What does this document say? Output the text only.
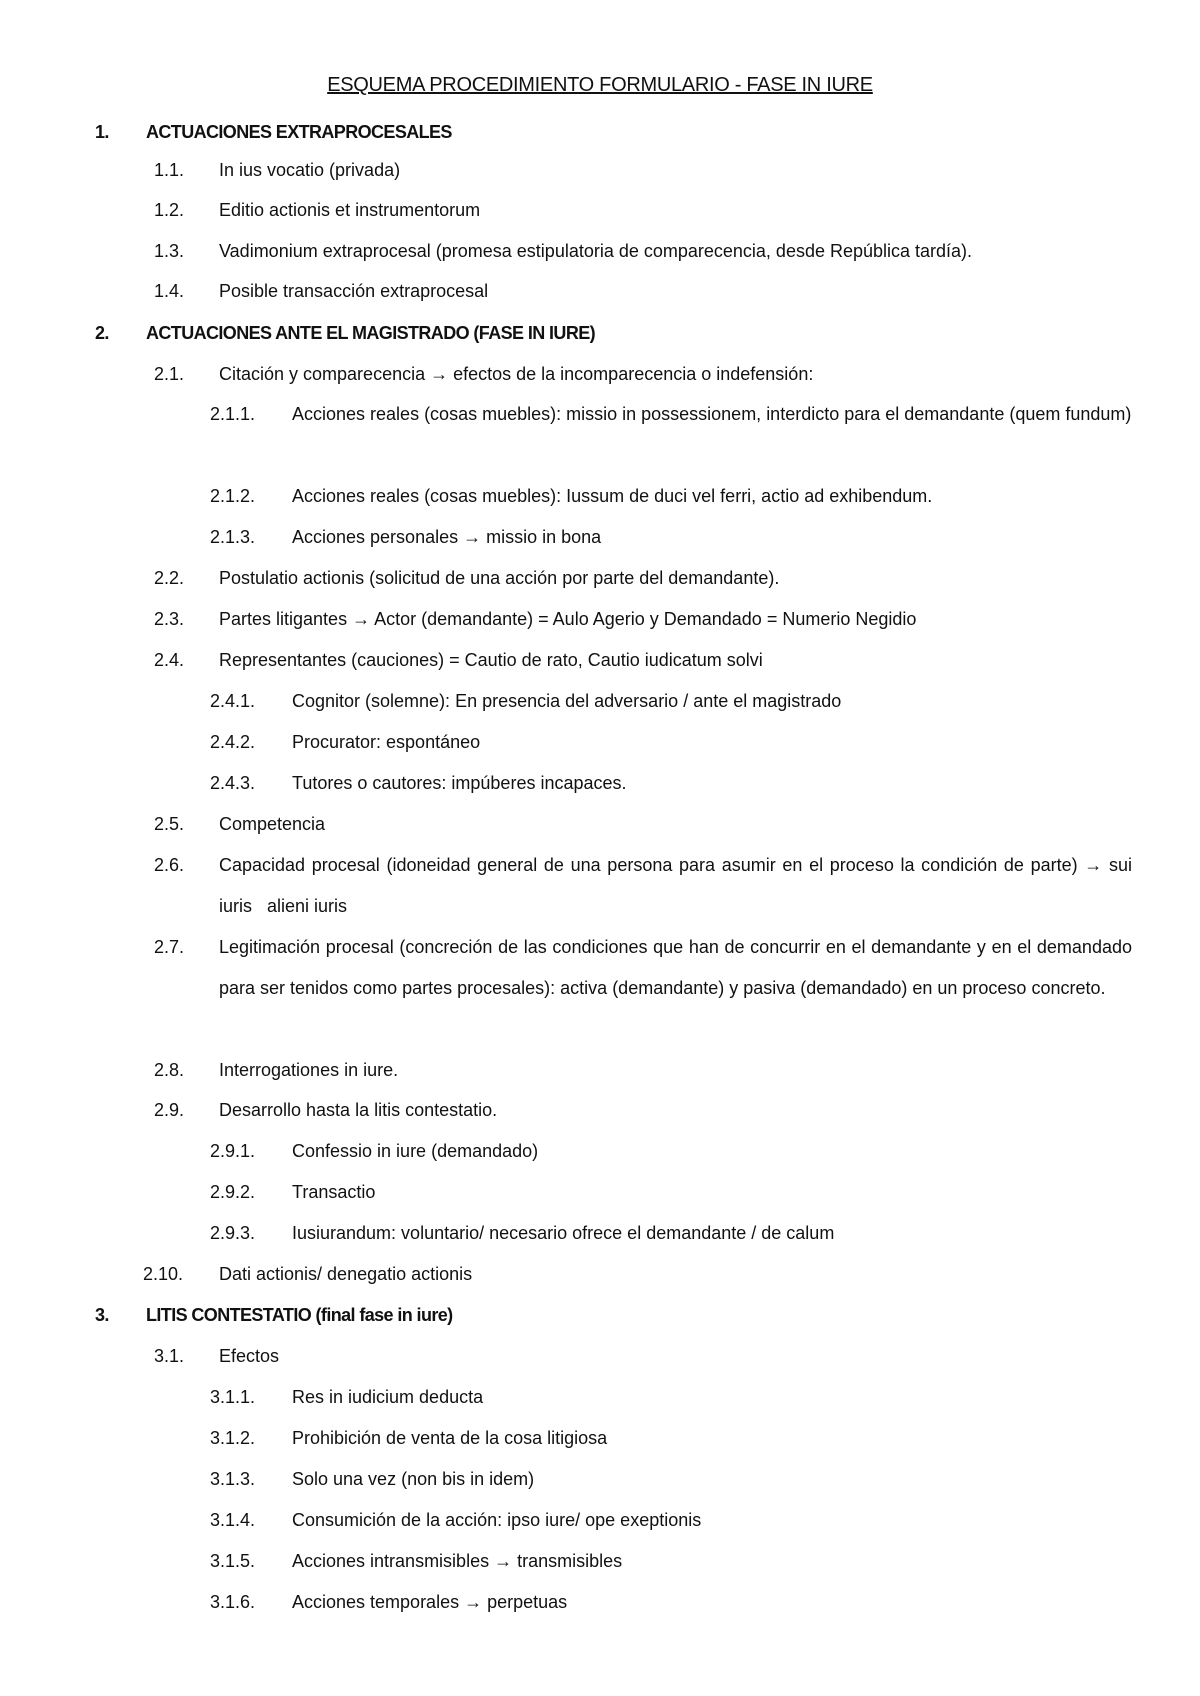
ESQUEMA PROCEDIMIENTO FORMULARIO - FASE IN IURE
1. ACTUACIONES EXTRAPROCESALES
1.1. In ius vocatio (privada)
1.2. Editio actionis et instrumentorum
1.3. Vadimonium extraprocesal (promesa estipulatoria de comparecencia, desde República tardía).
1.4. Posible transacción extraprocesal
2. ACTUACIONES ANTE EL MAGISTRADO (FASE IN IURE)
2.1. Citación y comparecencia → efectos de la incomparecencia o indefensión:
2.1.1. Acciones reales (cosas muebles): missio in possessionem, interdicto para el demandante (quem fundum)
2.1.2. Acciones reales (cosas muebles): Iussum de duci vel ferri, actio ad exhibendum.
2.1.3. Acciones personales → missio in bona
2.2. Postulatio actionis (solicitud de una acción por parte del demandante).
2.3. Partes litigantes → Actor (demandante) = Aulo Agerio y Demandado = Numerio Negidio
2.4. Representantes (cauciones) = Cautio de rato, Cautio iudicatum solvi
2.4.1. Cognitor (solemne): En presencia del adversario / ante el magistrado
2.4.2. Procurator: espontáneo
2.4.3. Tutores o cautores: impúberes incapaces.
2.5. Competencia
2.6. Capacidad procesal (idoneidad general de una persona para asumir en el proceso la condición de parte) → sui iuris   alieni iuris
2.7. Legitimación procesal (concreción de las condiciones que han de concurrir en el demandante y en el demandado para ser tenidos como partes procesales): activa (demandante) y pasiva (demandado) en un proceso concreto.
2.8. Interrogationes in iure.
2.9. Desarrollo hasta la litis contestatio.
2.9.1. Confessio in iure (demandado)
2.9.2. Transactio
2.9.3. Iusiurandum: voluntario/ necesario ofrece el demandante / de calum
2.10. Dati actionis/ denegatio actionis
3. LITIS CONTESTATIO (final fase in iure)
3.1. Efectos
3.1.1. Res in iudicium deducta
3.1.2. Prohibición de venta de la cosa litigiosa
3.1.3. Solo una vez (non bis in idem)
3.1.4. Consumición de la acción: ipso iure/ ope exeptionis
3.1.5. Acciones intransmisibles → transmisibles
3.1.6. Acciones temporales → perpetuas
